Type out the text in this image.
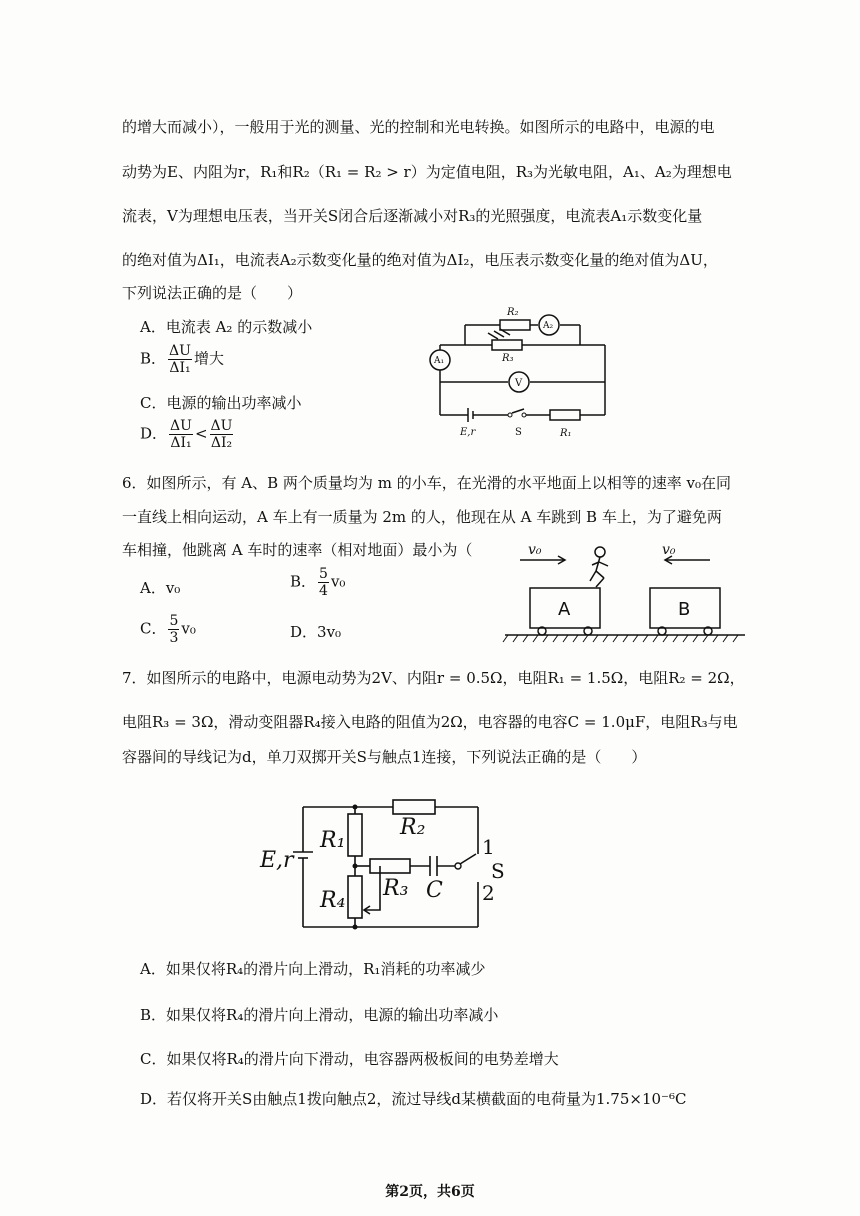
的增大而减小），一般用于光的测量、光的控制和光电转换。如图所示的电路中，电源的电
动势为E、内阻为r，R₁和R₂（R₁ = R₂ > r）为定值电阻，R₃为光敏电阻，A₁、A₂为理想电
流表，V为理想电压表，当开关S闭合后逐渐减小对R₃的光照强度，电流表A₁示数变化量
的绝对值为ΔI₁，电流表A₂示数变化量的绝对值为ΔI₂，电压表示数变化量的绝对值为ΔU，
下列说法正确的是（　　）
A．电流表 A₂ 的示数减小
B． $\frac{\Delta U}{\text{ΔI₁}}$ 增大
C．电源的输出功率减小
D． $\frac{\Delta U}{\text{ΔI₁}} < \frac{\Delta U}{\text{ΔI₂}}$
R₂
A₂
R₃
A₁
V
E,r	S	R₁
6．如图所示，有 A、B 两个质量均为 m 的小车，在光滑的水平地面上以相等的速率 v₀在同
一直线上相向运动，A 车上有一质量为 2m 的人，他现在从 A 车跳到 B 车上，为了避免两
车相撞，他跳离 A 车时的速率（相对地面）最小为（
A．v₀	B． $\frac{5}{4} v_0$
C． $\frac{5}{3} v_0$	D．3v₀
v₀	v₀
A	B
7．如图所示的电路中，电源电动势为2V、内阻r = 0.5Ω，电阻R₁ = 1.5Ω，电阻R₂ = 2Ω，
电阻R₃ = 3Ω，滑动变阻器R₄接入电路的阻值为2Ω，电容器的电容C = 1.0μF，电阻R₃与电
容器间的导线记为d，单刀双掷开关S与触点1连接，下列说法正确的是（　　）
R₁
R₂
E,r
R₄ R₃ C
1
2
S
A．如果仅将R₄的滑片向上滑动，R₁消耗的功率减少
B．如果仅将R₄的滑片向上滑动，电源的输出功率减小
C．如果仅将R₄的滑片向下滑动，电容器两极板间的电势差增大
D．若仅将开关S由触点1拨向触点2，流过导线d某横截面的电荷量为1.75×10⁻⁶C
第2页，共6页
